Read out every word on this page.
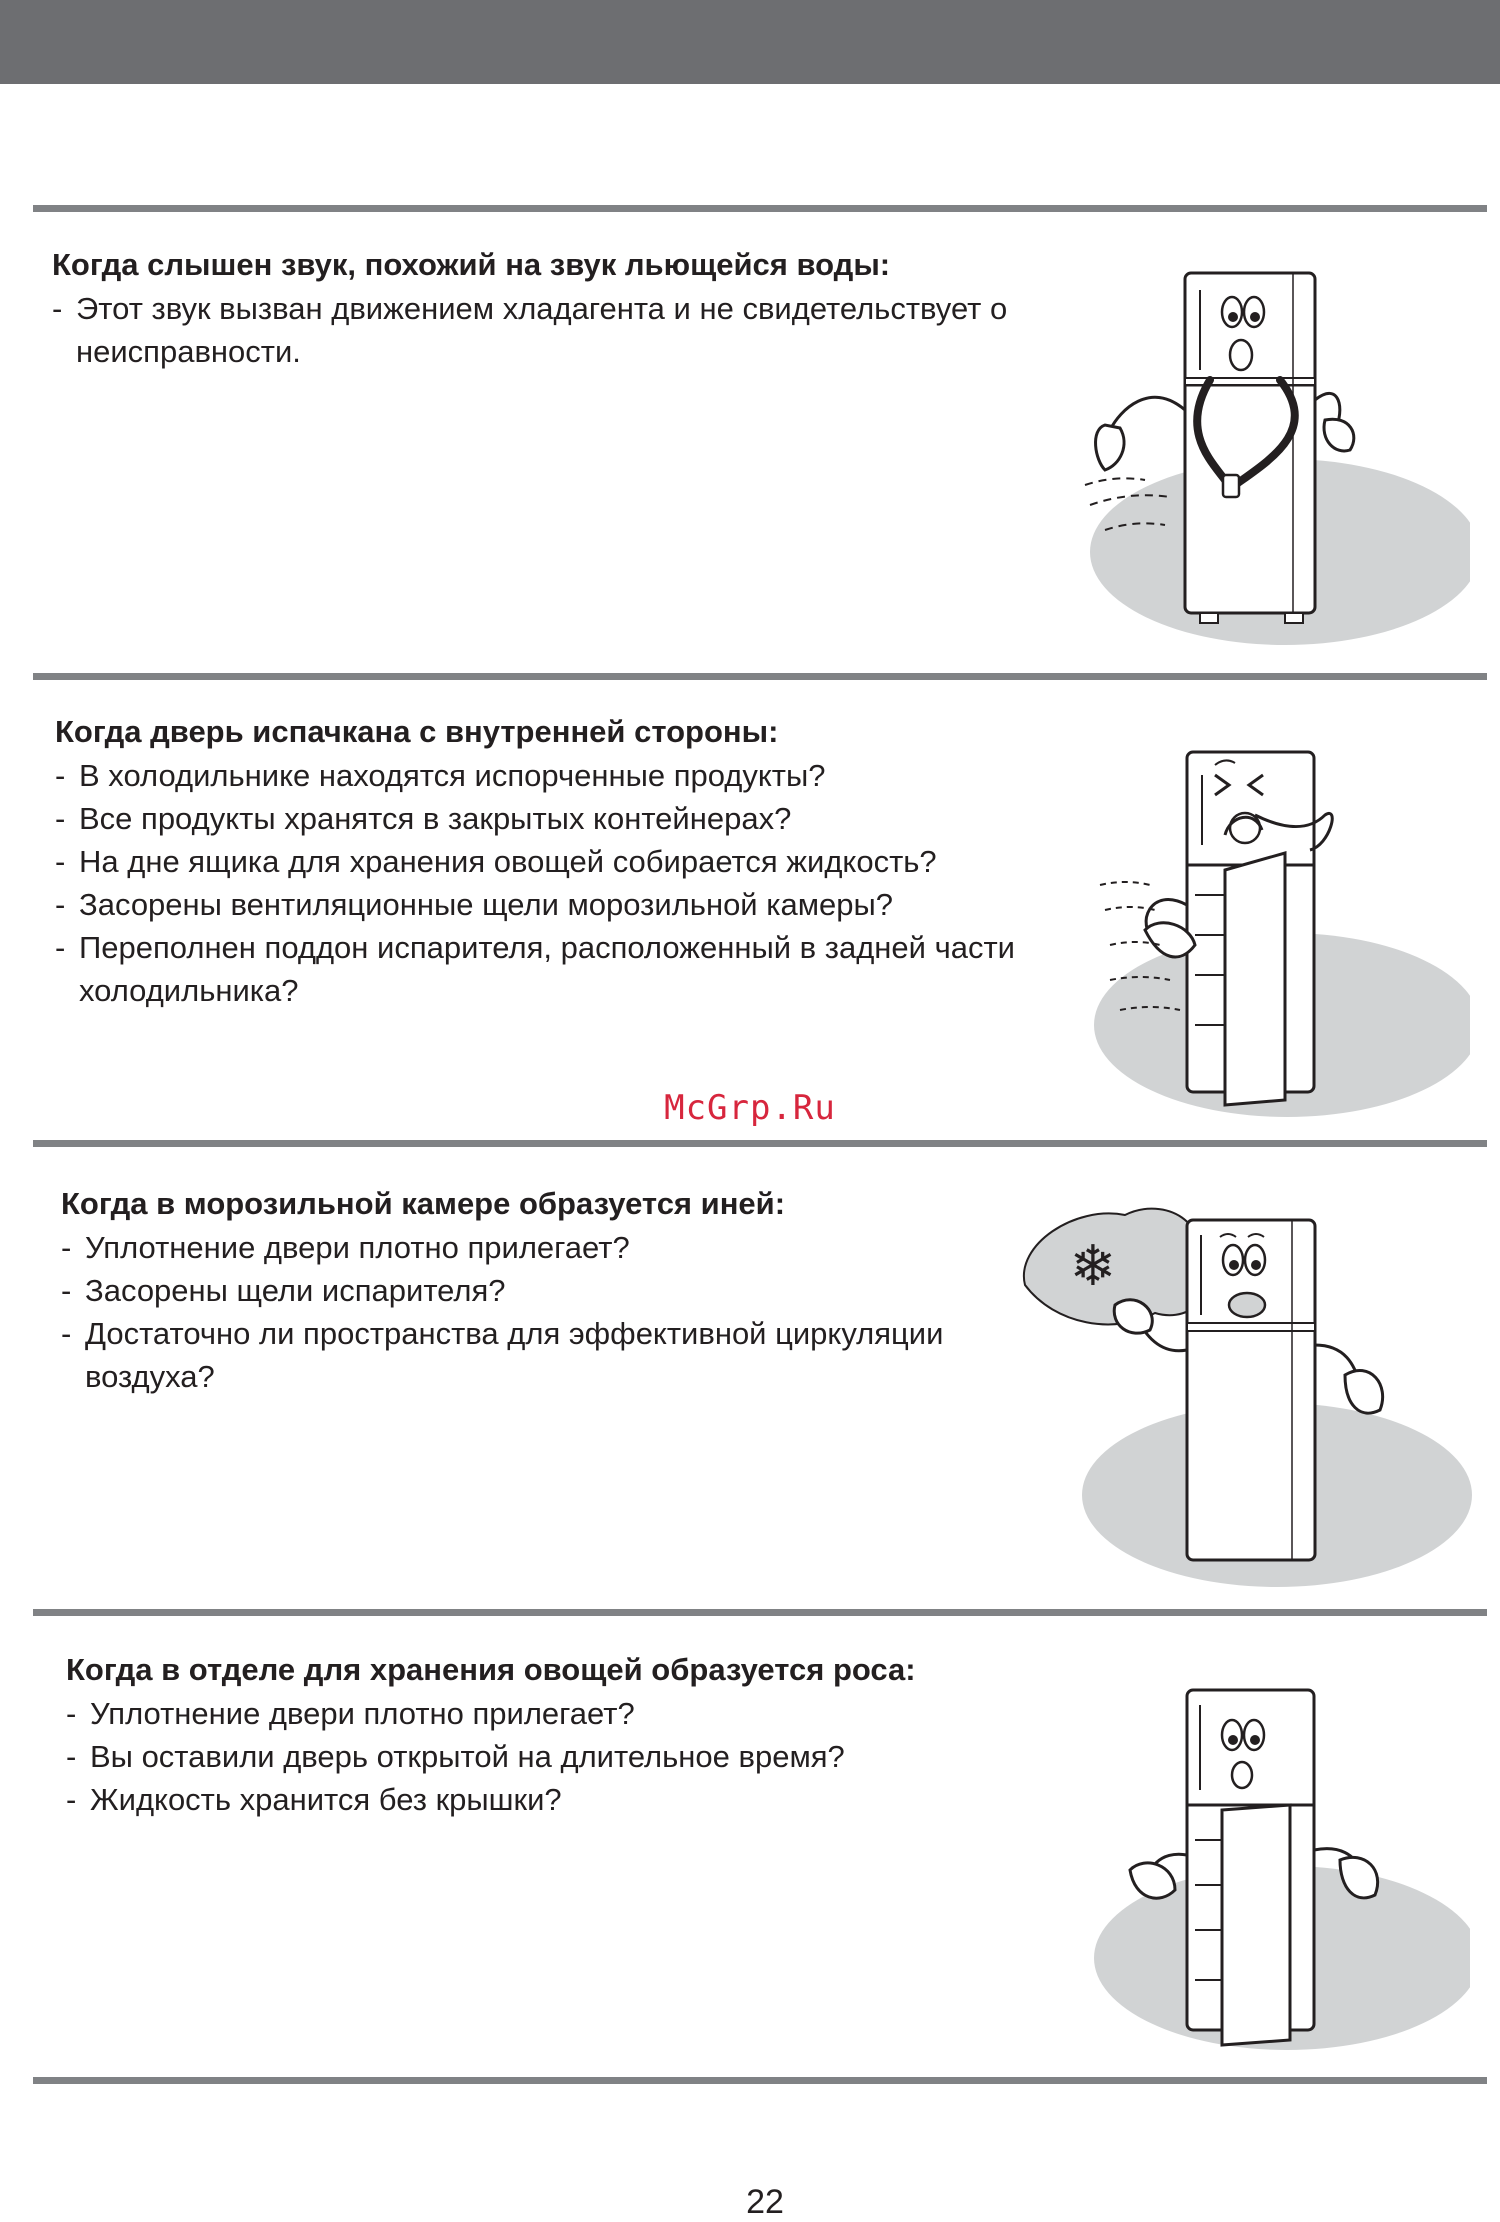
Когда слышен звук, похожий на звук льющейся воды:

- Этот звук вызван движением хладагента и не свидетельствует о неисправности.

Когда дверь испачкана с внутренней стороны:

- В холодильнике находятся испорченные продукты?

- Все продукты хранятся в закрытых контейнерах?

- На дне ящика для хранения овощей собирается жидкость?

- Засорены вентиляционные щели морозильной камеры?

- Переполнен поддон испарителя, расположенный в задней части холодильника?

Когда в морозильной камере образуется иней:

- Уплотнение двери плотно прилегает?

- Засорены щели испарителя?

- Достаточно ли пространства для эффективной циркуляции воздуха?

Когда в отделе для хранения овощей образуется роса:

- Уплотнение двери плотно прилегает?

- Вы оставили дверь открытой на длительное время?

- Жидкость хранится без крышки?

❄
McGrp.Ru
22
